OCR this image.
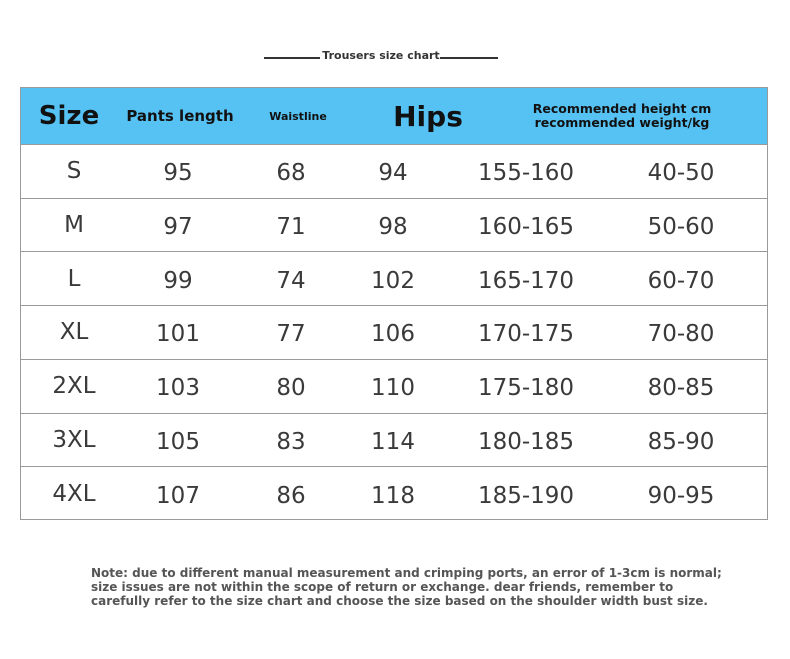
Trousers size chart
Size	Pants length	Waistline	Hips	Recommended height cm recommended weight/kg
S	95	68	94	155-160	40-50
M	97	71	98	160-165	50-60
L	99	74	102	165-170	60-70
XL	101	77	106	170-175	70-80
2XL	103	80	110	175-180	80-85
3XL	105	83	114	180-185	85-90
4XL	107	86	118	185-190	90-95
Note: due to different manual measurement and crimping ports, an error of 1-3cm is normal; size issues are not within the scope of return or exchange. dear friends, remember to carefully refer to the size chart and choose the size based on the shoulder width bust size.
